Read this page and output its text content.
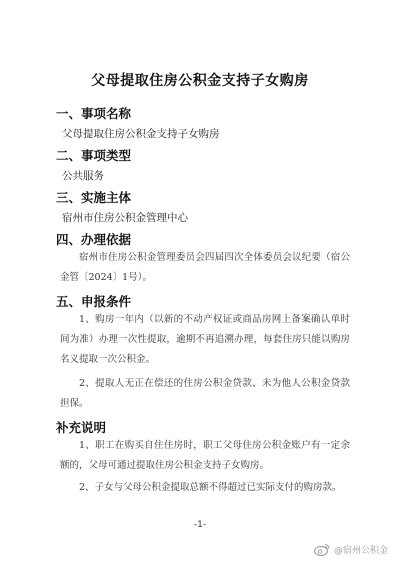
父母提取住房公积金支持子女购房
一、事项名称
父母提取住房公积金支持子女购房
二、事项类型
公共服务
三、实施主体
宿州市住房公积金管理中心
四、办理依据
宿州市住房公积金管理委员会四届四次全体委员会议纪要（宿公金管〔2024〕1号）。
五、申报条件
1、购房一年内（以新的不动产权证或商品房网上备案确认单时间为准）办理一次性提取，逾期不再追溯办理，每套住房只能以购房名义提取一次公积金。
2、提取人无正在偿还的住房公积金贷款、未为他人公积金贷款担保。
补充说明
1、职工在购买自住住房时，职工父母住房公积金账户有一定余额的，父母可通过提取住房公积金支持子女购房。
2、子女与父母公积金提取总额不得超过已实际支付的购房款。
-1-
@宿州公积金
